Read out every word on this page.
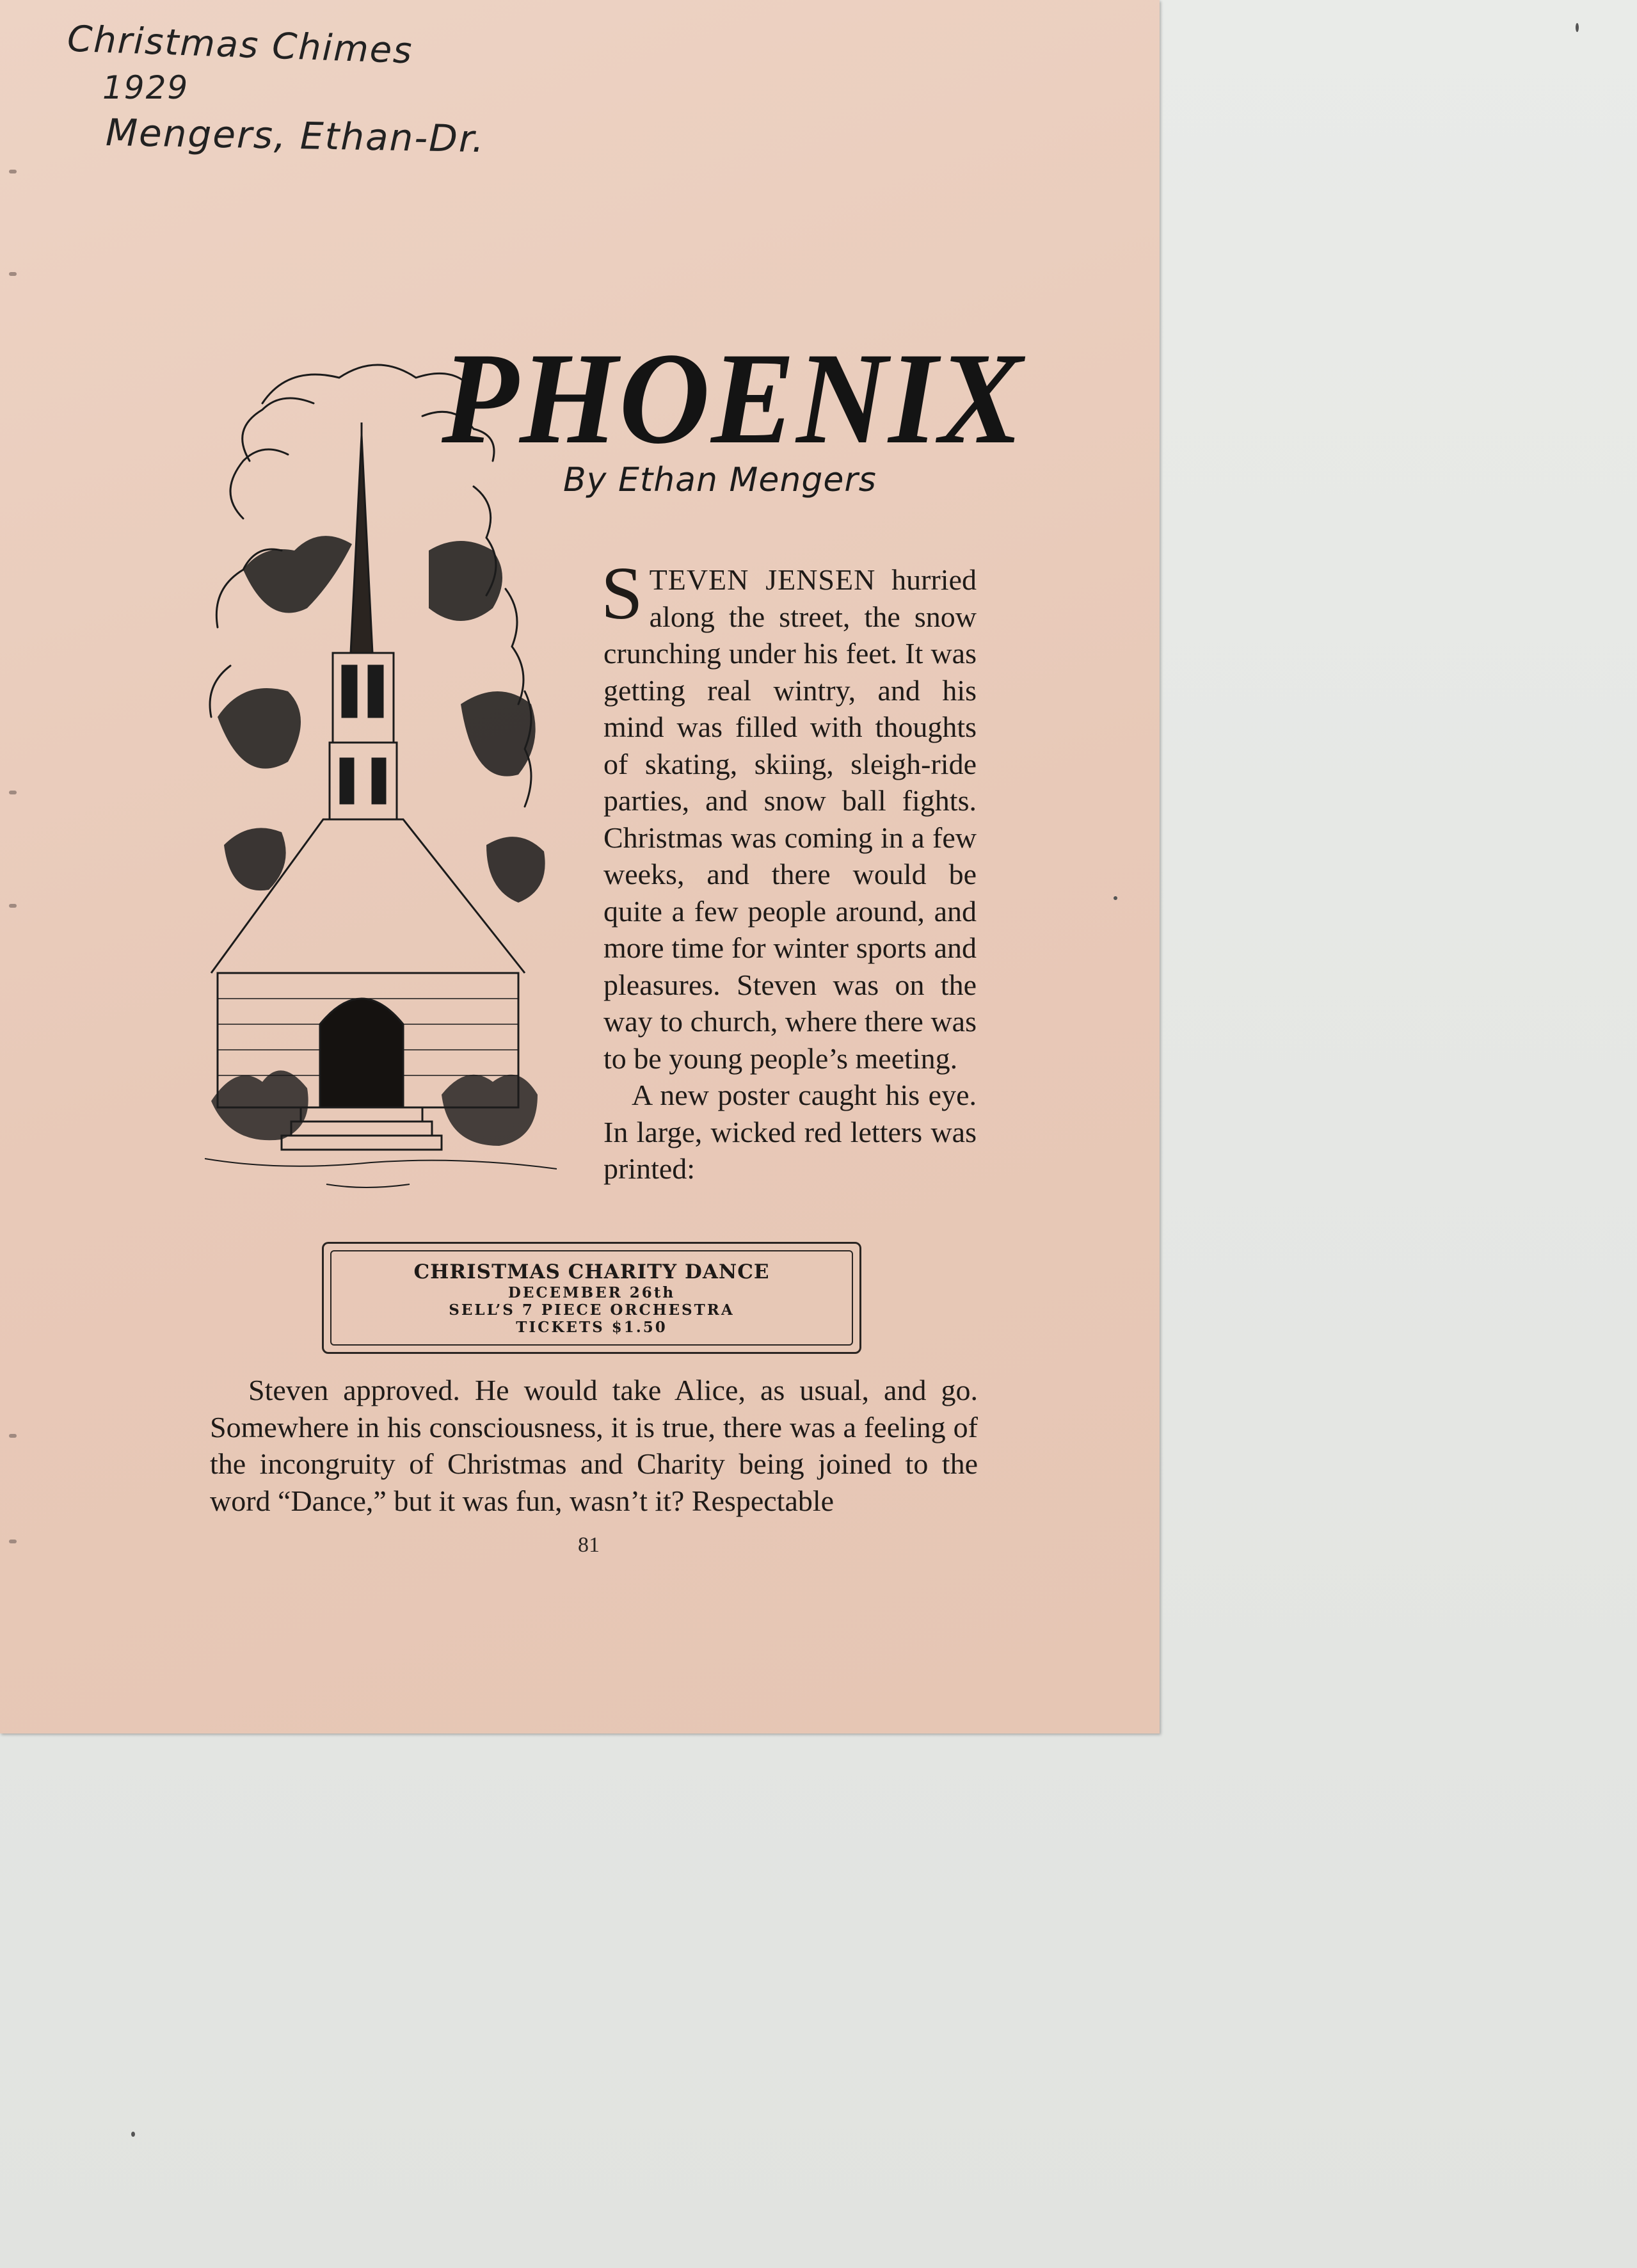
Christmas Chimes
1929
Mengers, Ethan-Dr.
PHOENIX
By Ethan Mengers

STEVEN JENSEN hurried along the street, the snow crunching under his feet. It was getting real wintry, and his mind was filled with thoughts of skating, skiing, sleigh-ride parties, and snow ball fights. Christmas was coming in a few weeks, and there would be quite a few people around, and more time for winter sports and pleasures. Steven was on the way to church, where there was to be young people’s meeting.

A new poster caught his eye. In large, wicked red letters was printed:

CHRISTMAS CHARITY DANCE
DECEMBER 26th
SELL’S 7 PIECE ORCHESTRA
TICKETS $1.50

Steven approved. He would take Alice, as usual, and go. Somewhere in his consciousness, it is true, there was a feeling of the incongruity of Christmas and Charity being joined to the word “Dance,” but it was fun, wasn’t it? Respectable

81
